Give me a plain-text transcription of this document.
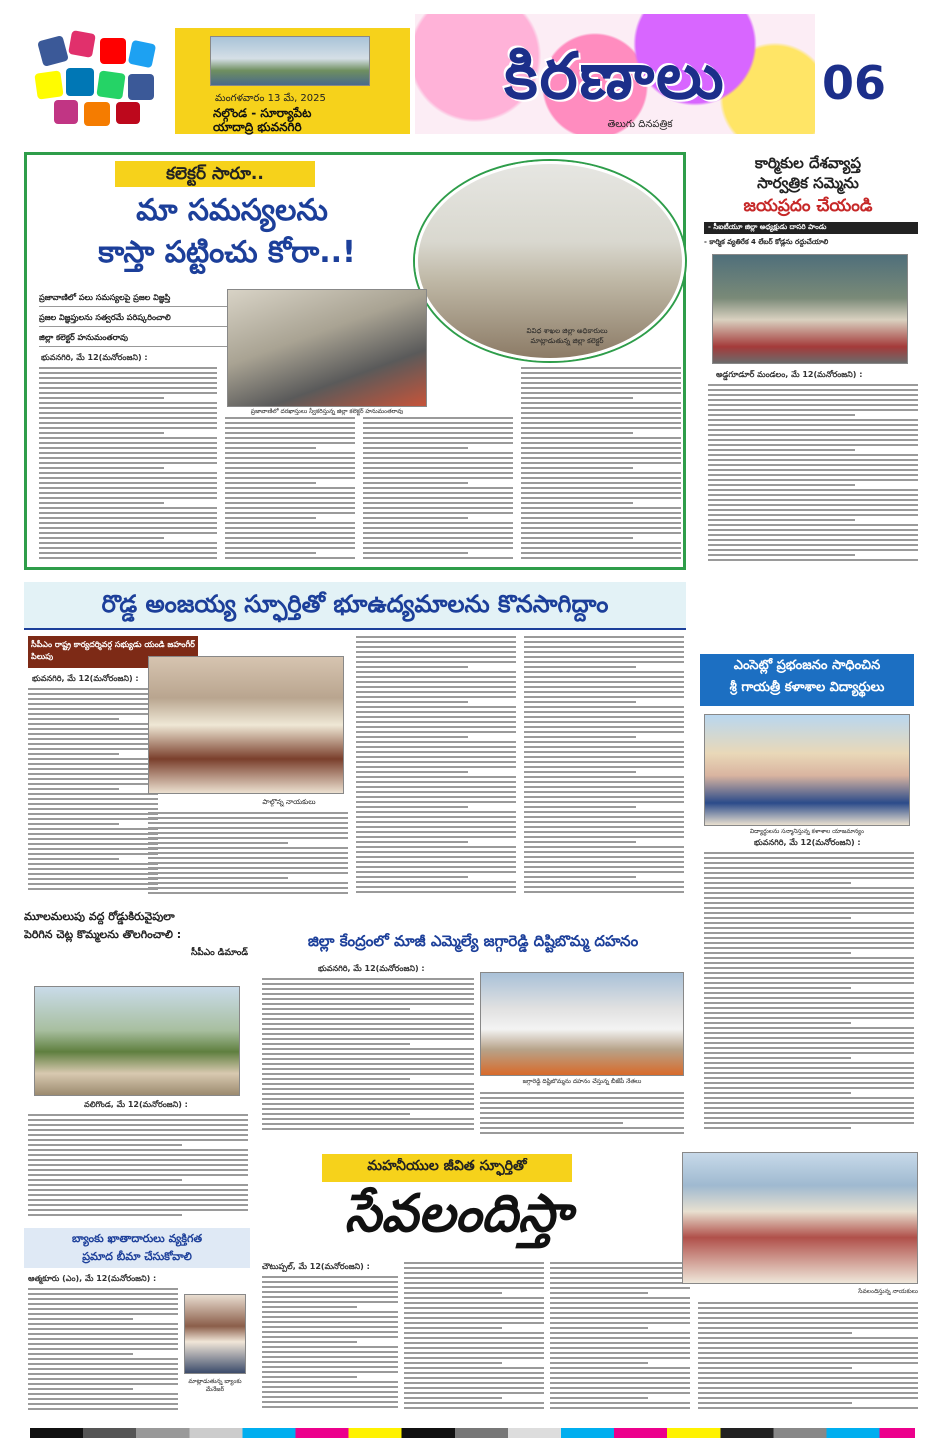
మంగళవారం 13 మే, 2025
నల్గొండ - సూర్యాపేట
యాదాద్రి భువనగిరి
కిరణాలు
తెలుగు దినపత్రిక
06
కలెక్టర్ సారూ..
మా సమస్యలను
కాస్తా పట్టించు కోరా..!
ప్రజావాణిలో పలు సమస్యలపై ప్రజల విజ్ఞప్తి
ప్రజల విజ్ఞప్తులను సత్వరమే పరిష్కరించాలి
జిల్లా కలెక్టర్ హనుమంతరావు
వివిధ శాఖల జిల్లా అధికారులు మాట్లాడుతున్న జిల్లా కలెక్టర్
ప్రజావాణిలో దరఖాస్తులు స్వీకరిస్తున్న జిల్లా కలెక్టర్ హనుమంతరావు
భువనగిరి, మే 12(మనోరంజని) :
కార్మికుల దేశవ్యాప్త
సార్వత్రిక సమ్మెను
జయప్రదం చేయండి
- సీఐటీయూ జిల్లా అధ్యక్షుడు దాసరి పాండు
- కార్మిక వ్యతిరేక 4 లేబర్ కోడ్లను రద్దుచేయాలి
అడ్డగూడూర్ మండలం, మే 12(మనోరంజని) :
రొడ్డ అంజయ్య స్ఫూర్తితో భూఉద్యమాలను కొనసాగిద్దాం
సీపీఎం రాష్ట్ర కార్యదర్శివర్గ సభ్యుడు యండి జహంగీర్ పిలుపు
భువనగిరి, మే 12(మనోరంజని) :
పాల్గొన్న నాయకులు
ఎంసెట్లో ప్రభంజనం సాధించిన
శ్రీ గాయత్రీ కళాశాల విద్యార్థులు
విద్యార్థులను సన్మానిస్తున్న కళాశాల యాజమాన్యం
భువనగిరి, మే 12(మనోరంజని) :
మూలమలుపు వద్ద రోడ్డుకిరువైపులా
పెరిగిన చెట్ల కొమ్మలను తొలగించాలి :
సీపీఎం డిమాండ్
వలిగొండ, మే 12(మనోరంజని) :
జిల్లా కేంద్రంలో మాజీ ఎమ్మెల్యే జగ్గారెడ్డి దిష్టిబొమ్మ దహనం
భువనగిరి, మే 12(మనోరంజని) :
జగ్గారెడ్డి దిష్టిబొమ్మను దహనం చేస్తున్న బీజేపీ నేతలు
బ్యాంకు ఖాతాదారులు వ్యక్తిగత
ప్రమాద బీమా చేసుకోవాలి
ఆత్మకూరు (ఎం), మే 12(మనోరంజని) :
మాట్లాడుతున్న బ్యాంకు మేనేజర్
మహనీయుల జీవిత స్ఫూర్తితో
సేవలందిస్తా
చౌటుప్పల్, మే 12(మనోరంజని) :
సేవలందిస్తున్న నాయకులు
